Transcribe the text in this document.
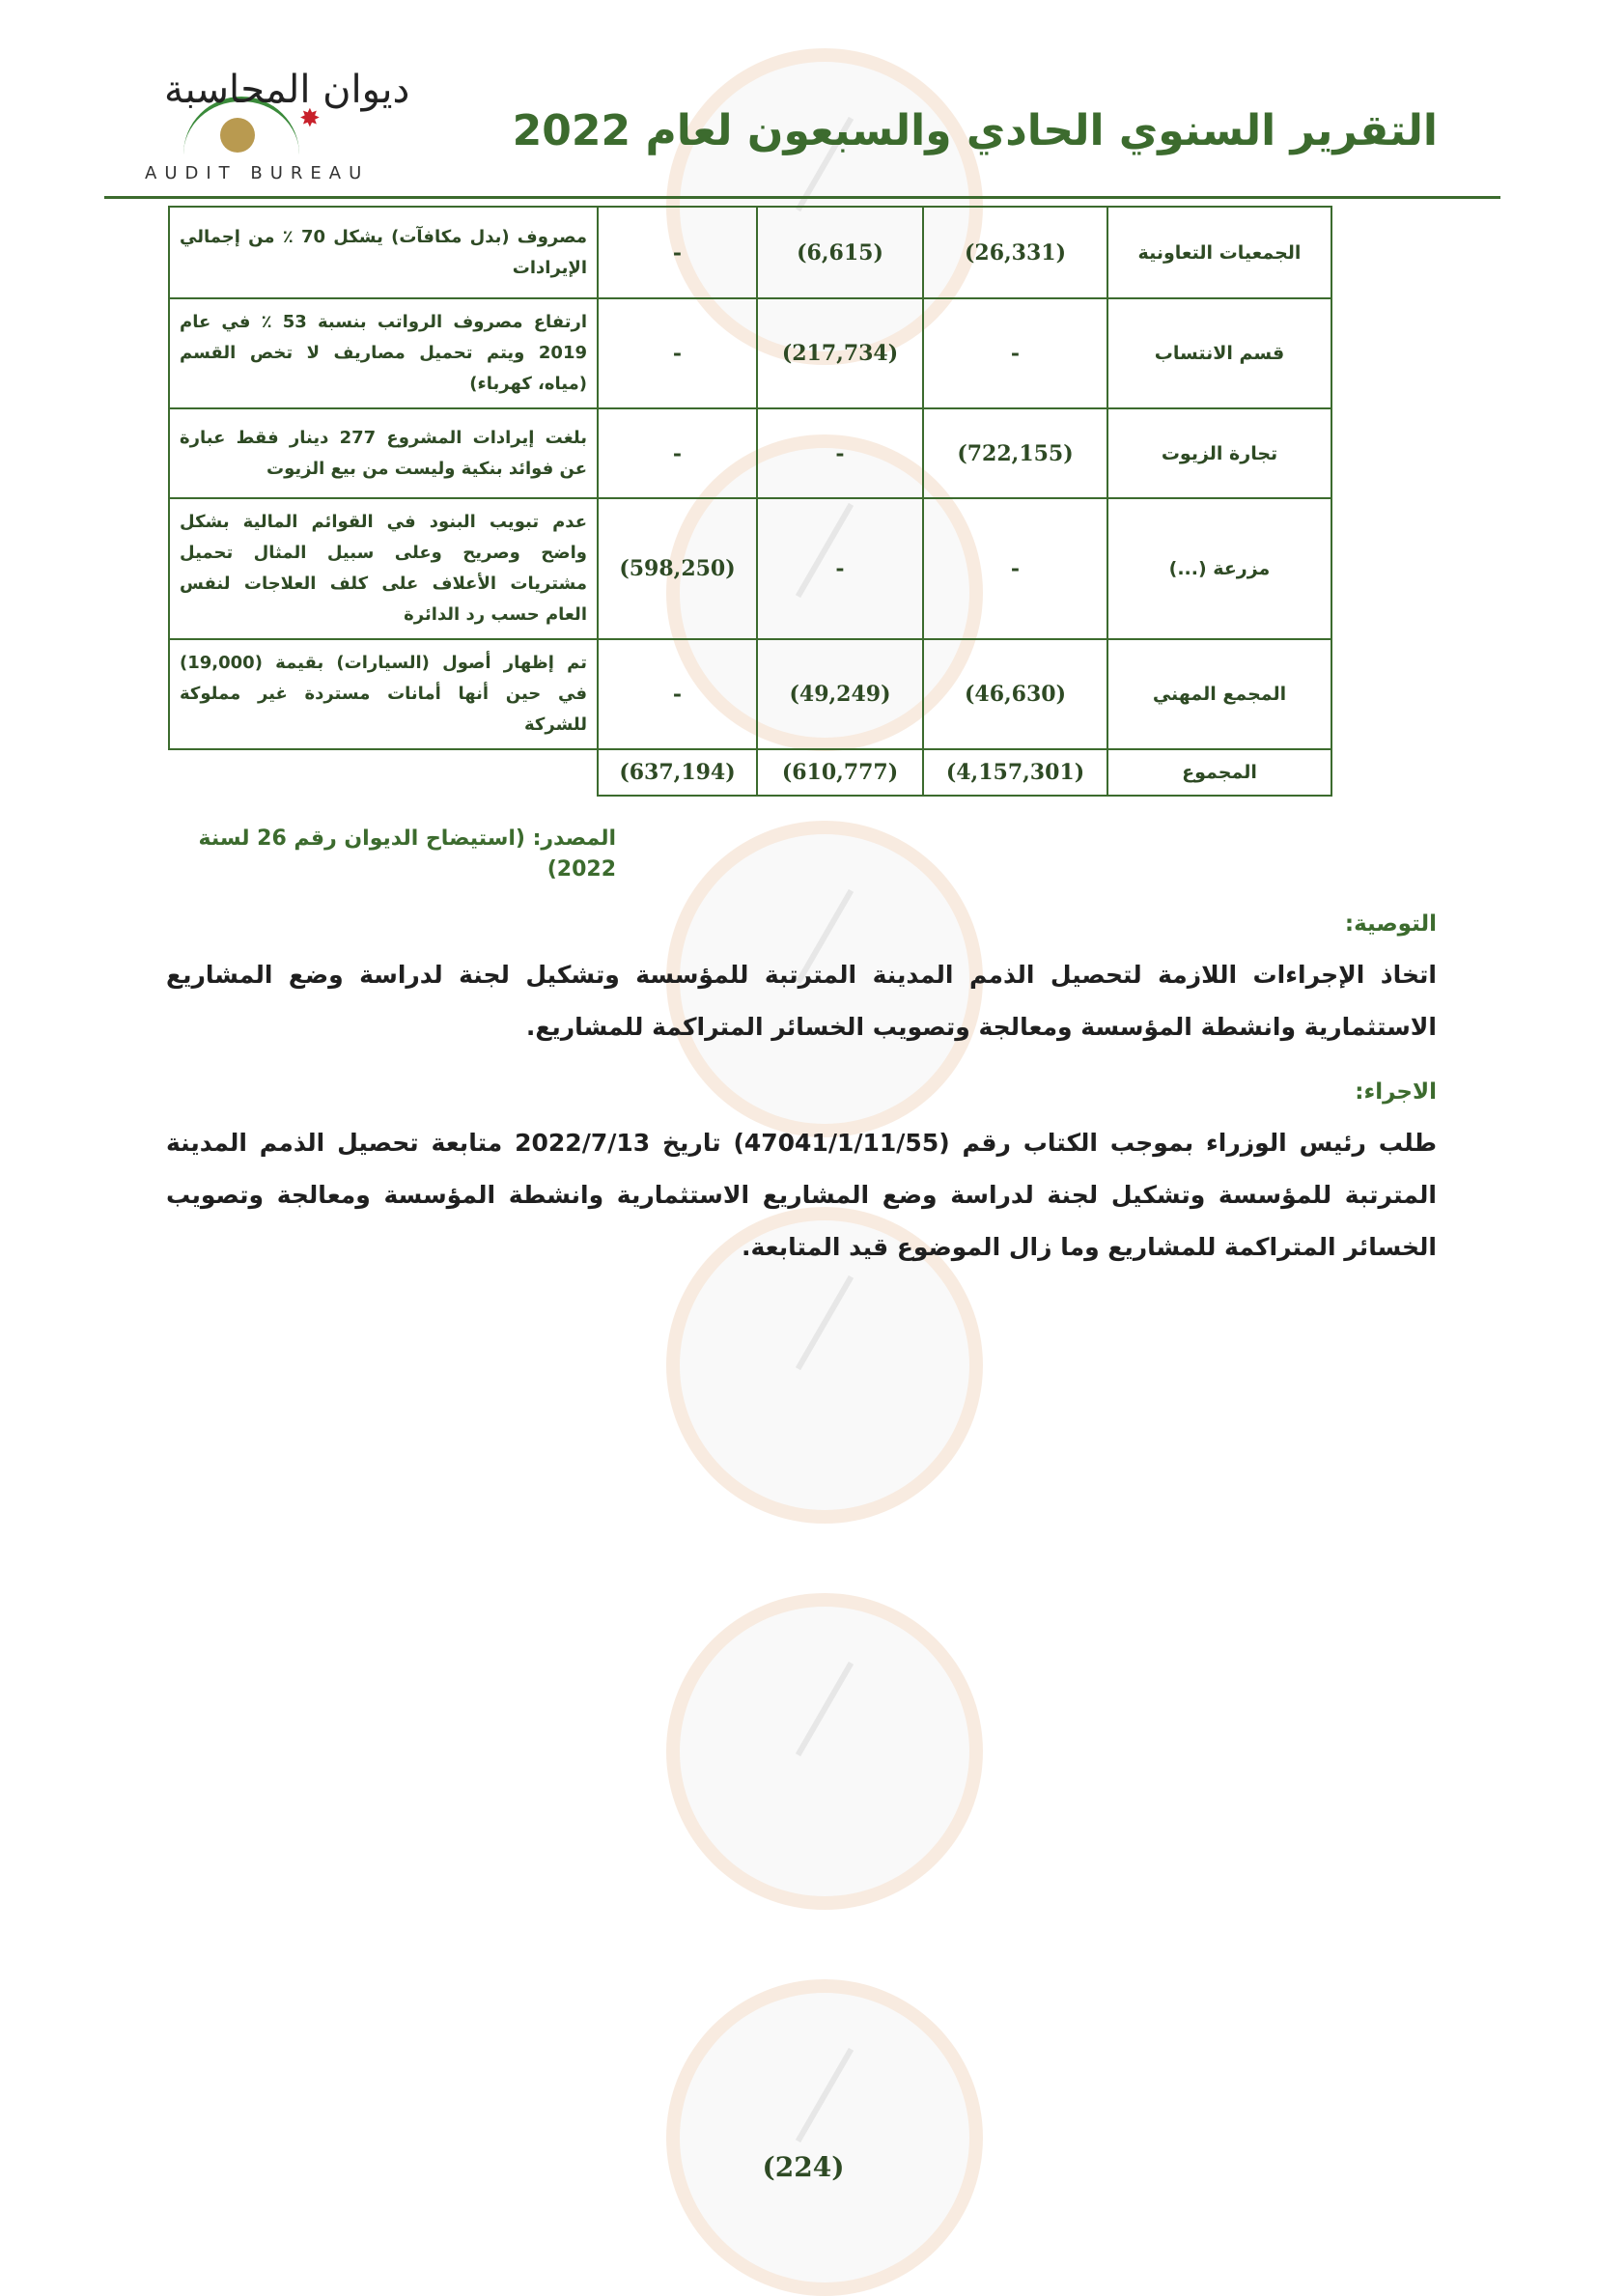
التقرير السنوي الحادي والسبعون لعام 2022
✸
ديوان المحاسبة
AUDIT BUREAU
الجمعيات التعاونية	(26,331)	(6,615)	-	مصروف (بدل مكافآت) يشكل 70 ٪ من إجمالي الإيرادات
قسم الانتساب	-	(217,734)	-	ارتفاع مصروف الرواتب بنسبة 53 ٪ في عام 2019 ويتم تحميل مصاريف لا تخص القسم (مياه، كهرباء)
تجارة الزيوت	(722,155)	-	-	بلغت إيرادات المشروع 277 دينار فقط عبارة عن فوائد بنكية وليست من بيع الزيوت
مزرعة (...)	-	-	(598,250)	عدم تبويب البنود في القوائم المالية بشكل واضح وصريح وعلى سبيل المثال تحميل مشتريات الأعلاف على كلف العلاجات لنفس العام حسب رد الدائرة
المجمع المهني	(46,630)	(49,249)	-	تم إظهار أصول (السيارات) بقيمة (19,000) في حين أنها أمانات مستردة غير مملوكة للشركة
المجموع	(4,157,301)	(610,777)	(637,194)	
المصدر: (استيضاح الديوان رقم 26 لسنة 2022)
التوصية:
اتخاذ الإجراءات اللازمة لتحصيل الذمم المدينة المترتبة للمؤسسة وتشكيل لجنة لدراسة وضع المشاريع الاستثمارية وانشطة المؤسسة ومعالجة وتصويب الخسائر المتراكمة للمشاريع.
الاجراء:
طلب رئيس الوزراء بموجب الكتاب رقم (47041/1/11/55) تاريخ 2022/7/13 متابعة تحصيل الذمم المدينة المترتبة للمؤسسة وتشكيل لجنة لدراسة وضع المشاريع الاستثمارية وانشطة المؤسسة ومعالجة وتصويب الخسائر المتراكمة للمشاريع وما زال الموضوع قيد المتابعة.
(224)
